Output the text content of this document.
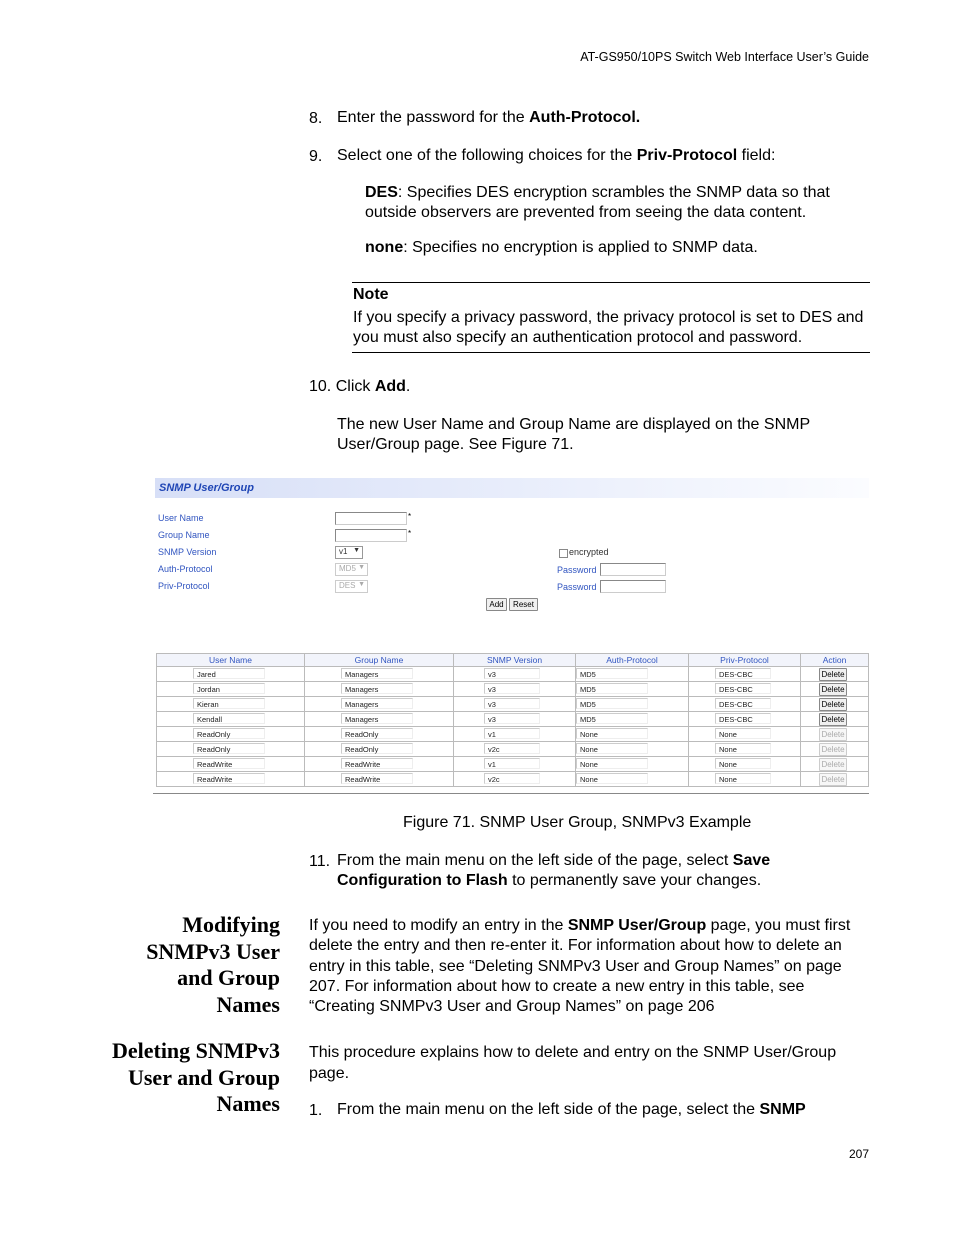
AT-GS950/10PS Switch Web Interface User’s Guide
8. Enter the password for the Auth-Protocol.
9. Select one of the following choices for the Priv-Protocol field:
DES: Specifies DES encryption scrambles the SNMP data so that outside observers are prevented from seeing the data content.
none: Specifies no encryption is applied to SNMP data.
Note
If you specify a privacy password, the privacy protocol is set to DES and you must also specify an authentication protocol and password.
10. Click Add.
The new User Name and Group Name are displayed on the SNMP User/Group page. See Figure 71.
SNMP User/Group
User Name	*
Group Name	*
SNMP Version	v1 ▼	encrypted
Auth-Protocol	MD5 ▼	Password
Priv-Protocol	DES ▼	Password
Add	Reset
User Name	Group Name	SNMP Version	Auth-Protocol	Priv-Protocol	Action

Jared	Managers	v3	MD5	DES-CBC	Delete

Jordan	Managers	v3	MD5	DES-CBC	Delete

Kieran	Managers	v3	MD5	DES-CBC	Delete

Kendall	Managers	v3	MD5	DES-CBC	Delete

ReadOnly	ReadOnly	v1	None	None	Delete

ReadOnly	ReadOnly	v2c	None	None	Delete

ReadWrite	ReadWrite	v1	None	None	Delete

ReadWrite	ReadWrite	v2c	None	None	Delete
Figure 71. SNMP User Group, SNMPv3 Example
11. From the main menu on the left side of the page, select Save Configuration to Flash to permanently save your changes.
Modifying
SNMPv3 User
and Group
Names
If you need to modify an entry in the SNMP User/Group page, you must first delete the entry and then re-enter it. For information about how to delete an entry in this table, see “Deleting SNMPv3 User and Group Names” on page 207. For information about how to create a new entry in this table, see “Creating SNMPv3 User and Group Names” on page 206
Deleting SNMPv3
User and Group
Names
This procedure explains how to delete and entry on the SNMP User/Group page.
1. From the main menu on the left side of the page, select the SNMP
207
